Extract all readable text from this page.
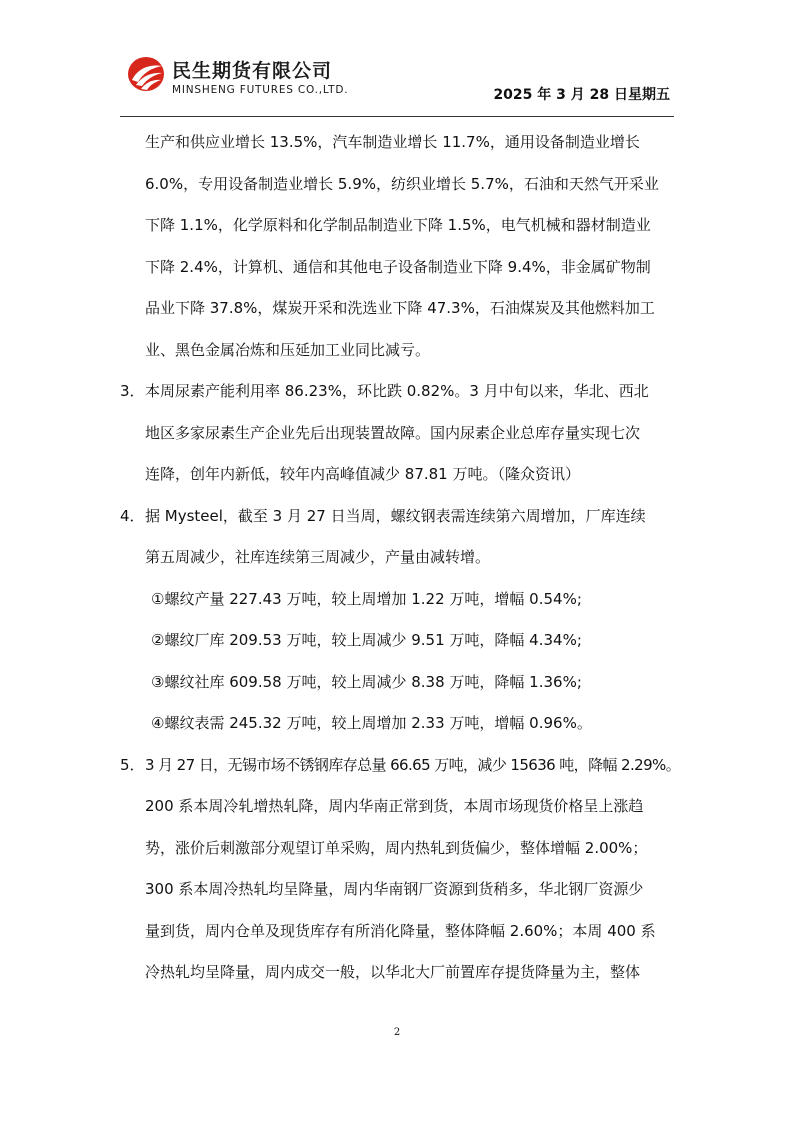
民生期货有限公司
MINSHENG FUTURES CO.,LTD.	2025 年 3 月 28 日星期五
生产和供应业增长 13.5%，汽车制造业增长 11.7%，通用设备制造业增长
6.0%，专用设备制造业增长 5.9%，纺织业增长 5.7%，石油和天然气开采业
下降 1.1%，化学原料和化学制品制造业下降 1.5%，电气机械和器材制造业
下降 2.4%，计算机、通信和其他电子设备制造业下降 9.4%，非金属矿物制
品业下降 37.8%，煤炭开采和洗选业下降 47.3%，石油煤炭及其他燃料加工
业、黑色金属冶炼和压延加工业同比减亏。
3．本周尿素产能利用率 86.23%，环比跌 0.82%。3 月中旬以来，华北、西北
地区多家尿素生产企业先后出现装置故障。国内尿素企业总库存量实现七次
连降，创年内新低，较年内高峰值减少 87.81 万吨。（隆众资讯）
4．据 Mysteel，截至 3 月 27 日当周，螺纹钢表需连续第六周增加，厂库连续
第五周减少，社库连续第三周减少，产量由减转增。
①螺纹产量 227.43 万吨，较上周增加 1.22 万吨，增幅 0.54%;
②螺纹厂库 209.53 万吨，较上周减少 9.51 万吨，降幅 4.34%;
③螺纹社库 609.58 万吨，较上周减少 8.38 万吨，降幅 1.36%;
④螺纹表需 245.32 万吨，较上周增加 2.33 万吨，增幅 0.96%。
5．3 月 27 日，无锡市场不锈钢库存总量 66.65 万吨，减少 15636 吨，降幅 2.29%。
200 系本周冷轧增热轧降，周内华南正常到货，本周市场现货价格呈上涨趋
势，涨价后刺激部分观望订单采购，周内热轧到货偏少，整体增幅 2.00%；
300 系本周冷热轧均呈降量，周内华南钢厂资源到货稍多，华北钢厂资源少
量到货，周内仓单及现货库存有所消化降量，整体降幅 2.60%；本周 400 系
冷热轧均呈降量，周内成交一般，以华北大厂前置库存提货降量为主，整体
2
